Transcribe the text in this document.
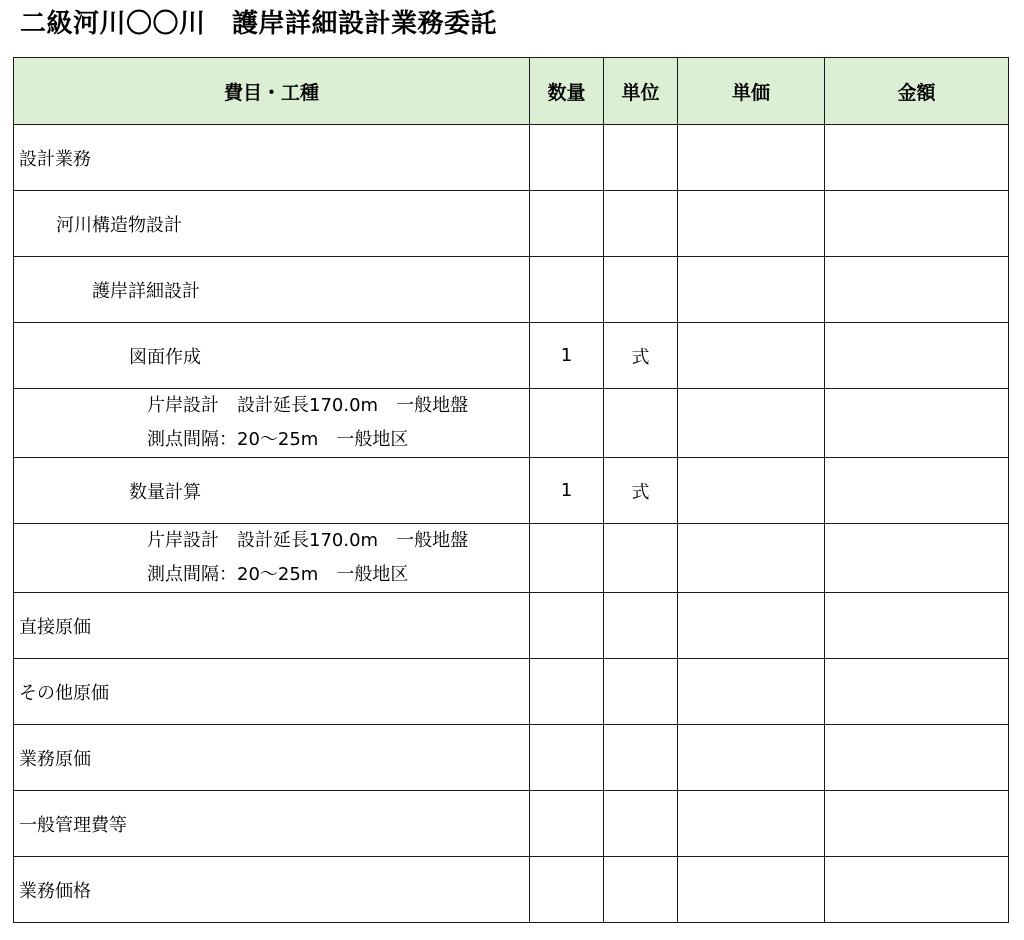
二級河川〇〇川　護岸詳細設計業務委託
費目・工種	数量	単位	単価	金額
設計業務				
河川構造物設計				
護岸詳細設計				
図面作成	1	式		

片岸設計　設計延長170.0m　一般地盤
測点間隔：20～25m　一般地区				

数量計算	1	式		

片岸設計　設計延長170.0m　一般地盤
測点間隔：20～25m　一般地区				

直接原価				
その他原価				
業務原価				
一般管理費等				
業務価格				
